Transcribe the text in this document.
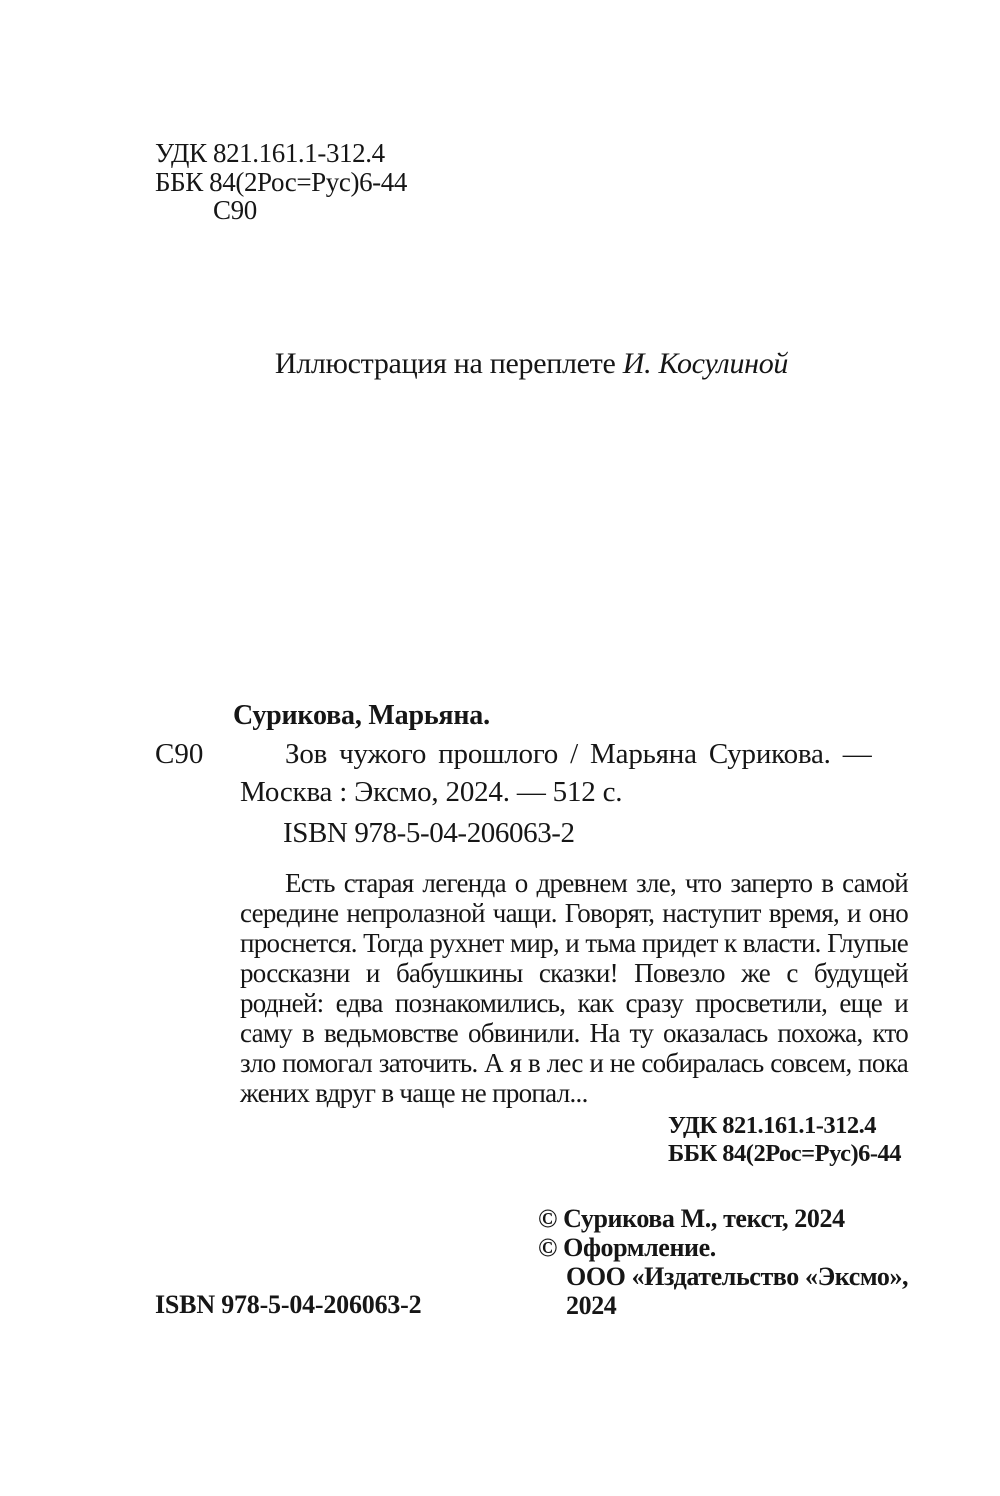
УДК 821.161.1-312.4
ББК 84(2Рос=Рус)6-44
С90
Иллюстрация на переплете И. Косулиной
Сурикова, Марьяна.
С90	Зов чужого прошлого / Марьяна Сурикова. —
Москва : Эксмо, 2024. — 512 с.
ISBN 978-5-04-206063-2
Есть старая легенда о древнем зле, что заперто в самой середине непролазной чащи. Говорят, наступит время, и оно проснется. Тогда рухнет мир, и тьма придет к власти. Глупые россказни и бабушкины сказки! Повезло же с будущей родней: едва познакомились, как сразу просветили, еще и саму в ведьмовстве обвинили. На ту оказалась похожа, кто зло помогал заточить. А я в лес и не собиралась совсем, пока жених вдруг в чаще не пропал...
УДК 821.161.1-312.4
ББК 84(2Рос=Рус)6-44
© Сурикова М., текст, 2024
© Оформление.
ООО «Издательство «Эксмо»,
2024
ISBN 978-5-04-206063-2
